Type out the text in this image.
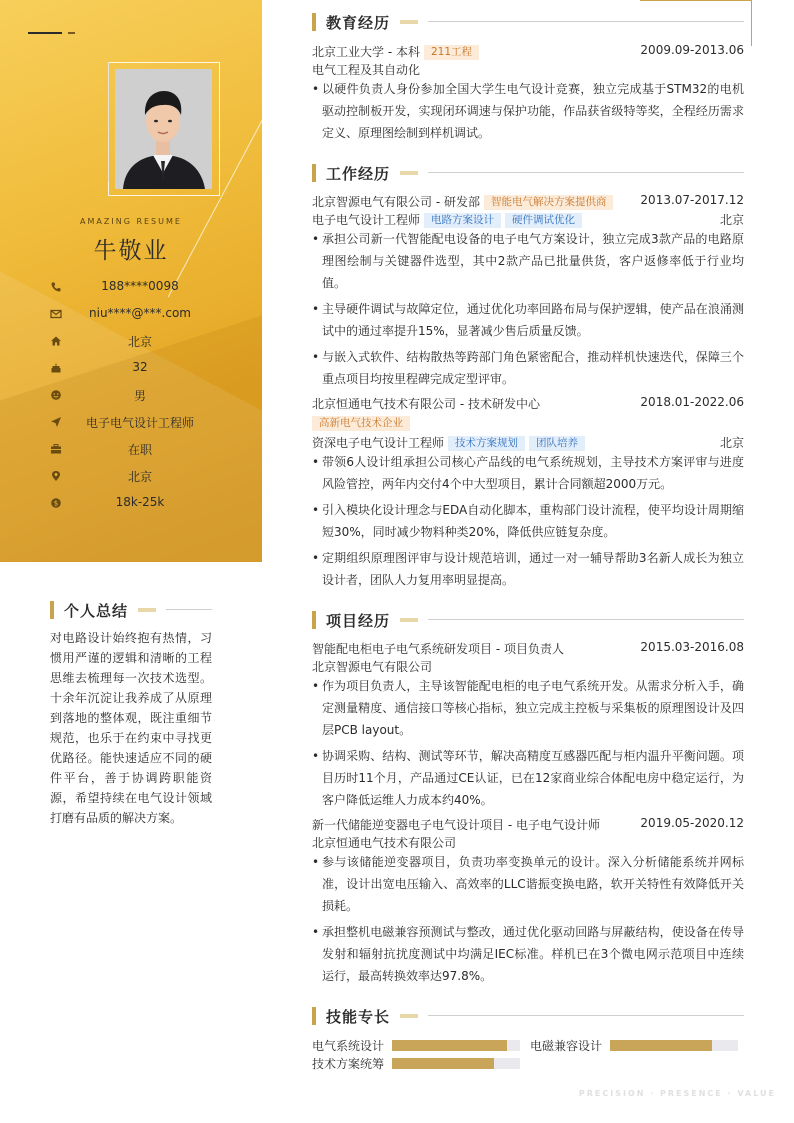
AMAZING RESUME
牛敬业
188****0098
niu****@***.com
北京
32
男
电子电气设计工程师
在职
北京
$	18k-25k
个人总结
对电路设计始终抱有热情，习惯用严谨的逻辑和清晰的工程思维去梳理每一次技术选型。十余年沉淀让我养成了从原理到落地的整体观，既注重细节规范，也乐于在约束中寻找更优路径。能快速适应不同的硬件平台，善于协调跨职能资源，希望持续在电气设计领域打磨有品质的解决方案。
教育经历
北京工业大学 - 本科 211工程	2009.09-2013.06
电气工程及其自动化
• 以硬件负责人身份参加全国大学生电气设计竞赛，独立完成基于STM32的电机驱动控制板开发，实现闭环调速与保护功能，作品获省级特等奖，全程经历需求定义、原理图绘制到样机调试。
工作经历
北京智源电气有限公司 - 研发部 智能电气解决方案提供商	2013.07-2017.12
电子电气设计工程师 电路方案设计 硬件调试优化	北京
• 承担公司新一代智能配电设备的电子电气方案设计，独立完成3款产品的电路原理图绘制与关键器件选型，其中2款产品已批量供货，客户返修率低于行业均值。
• 主导硬件调试与故障定位，通过优化功率回路布局与保护逻辑，使产品在浪涌测试中的通过率提升15%，显著减少售后质量反馈。
• 与嵌入式软件、结构散热等跨部门角色紧密配合，推动样机快速迭代，保障三个重点项目均按里程碑完成定型评审。
北京恒通电气技术有限公司 - 技术研发中心	2018.01-2022.06
高新电气技术企业
资深电子电气设计工程师 技术方案规划 团队培养	北京
• 带领6人设计组承担公司核心产品线的电气系统规划，主导技术方案评审与进度风险管控，两年内交付4个中大型项目，累计合同额超2000万元。
• 引入模块化设计理念与EDA自动化脚本，重构部门设计流程，使平均设计周期缩短30%，同时减少物料种类20%，降低供应链复杂度。
• 定期组织原理图评审与设计规范培训，通过一对一辅导帮助3名新人成长为独立设计者，团队人力复用率明显提高。
项目经历
智能配电柜电子电气系统研发项目 - 项目负责人	2015.03-2016.08
北京智源电气有限公司
• 作为项目负责人，主导该智能配电柜的电子电气系统开发。从需求分析入手，确定测量精度、通信接口等核心指标，独立完成主控板与采集板的原理图设计及四层PCB layout。
• 协调采购、结构、测试等环节，解决高精度互感器匹配与柜内温升平衡问题。项目历时11个月，产品通过CE认证，已在12家商业综合体配电房中稳定运行，为客户降低运维人力成本约40%。
新一代储能逆变器电子电气设计项目 - 电子电气设计师	2019.05-2020.12
北京恒通电气技术有限公司
• 参与该储能逆变器项目，负责功率变换单元的设计。深入分析储能系统并网标准，设计出宽电压输入、高效率的LLC谐振变换电路，软开关特性有效降低开关损耗。
• 承担整机电磁兼容预测试与整改，通过优化驱动回路与屏蔽结构，使设备在传导发射和辐射抗扰度测试中均满足IEC标准。样机已在3个微电网示范项目中连续运行，最高转换效率达97.8%。
技能专长
电气系统设计	电磁兼容设计
技术方案统筹
PRECISION · PRESENCE · VALUE
